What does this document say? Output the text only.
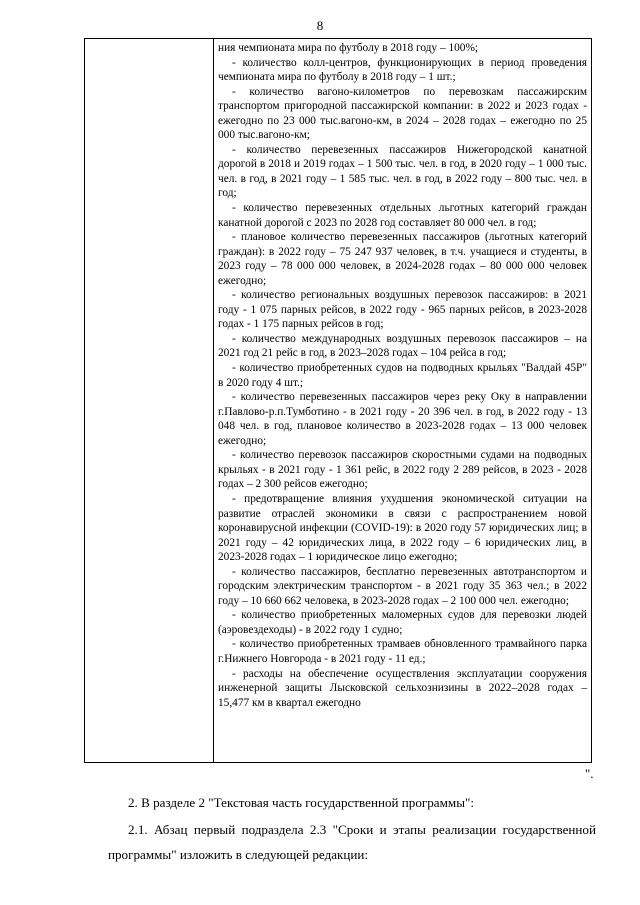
8

ния чемпионата мира по футболу в 2018 году – 100%;

- количество колл-центров, функционирующих в период проведения чемпионата мира по футболу в 2018 году – 1 шт.;

- количество вагоно-километров по перевозкам пассажирским транспортом пригородной пассажирской компании: в 2022 и 2023 годах - ежегодно по 23 000 тыс.вагоно-км, в 2024 – 2028 годах – ежегодно по 25 000 тыс.вагоно-км;

- количество перевезенных пассажиров Нижегородской канатной дорогой в 2018 и 2019 годах – 1 500 тыс. чел. в год, в 2020 году – 1 000 тыс. чел. в год, в 2021 году – 1 585 тыс. чел. в год, в 2022 году – 800 тыс. чел. в год;

- количество перевезенных отдельных льготных категорий граждан канатной дорогой с 2023 по 2028 год составляет 80 000 чел. в год;

- плановое количество перевезенных пассажиров (льготных категорий граждан): в 2022 году – 75 247 937 человек, в т.ч. учащиеся и студенты, в 2023 году – 78 000 000 человек, в 2024-2028 годах – 80 000 000 человек ежегодно;

- количество региональных воздушных перевозок пассажиров: в 2021 году - 1 075 парных рейсов, в 2022 году - 965 парных рейсов, в 2023-2028 годах - 1 175 парных рейсов в год;

- количество международных воздушных перевозок пассажиров – на 2021 год 21 рейс в год, в 2023–2028 годах – 104 рейса в год;

- количество приобретенных судов на подводных крыльях "Валдай 45Р" в 2020 году 4 шт.;

- количество перевезенных пассажиров через реку Оку в направлении г.Павлово-р.п.Тумботино - в 2021 году - 20 396 чел. в год, в 2022 году - 13 048 чел. в год, плановое количество в 2023-2028 годах – 13 000 человек ежегодно;

- количество перевозок пассажиров скоростными судами на подводных крыльях - в 2021 году - 1 361 рейс, в 2022 году 2 289 рейсов, в 2023 - 2028 годах – 2 300 рейсов ежегодно;

- предотвращение влияния ухудшения экономической ситуации на развитие отраслей экономики в связи с распространением новой коронавирусной инфекции (COVID-19): в 2020 году 57 юридических лиц; в 2021 году – 42 юридических лица, в 2022 году – 6 юридических лиц, в 2023-2028 годах – 1 юридическое лицо ежегодно;

- количество пассажиров, бесплатно перевезенных автотранспортом и городским электрическим транспортом - в 2021 году 35 363 чел.; в 2022 году – 10 660 662 человека, в 2023-2028 годах – 2 100 000 чел. ежегодно;

- количество приобретенных маломерных судов для перевозки людей (аэровездеходы) - в 2022 году 1 судно;

- количество приобретенных трамваев обновленного трамвайного парка г.Нижнего Новгорода - в 2021 году - 11 ед.;

- расходы на обеспечение осуществления эксплуатации сооружения инженерной защиты Лысковской сельхознизины в 2022–2028 годах – 15,477 км в квартал ежегодно

".
2. В разделе 2 "Текстовая часть государственной программы":
2.1. Абзац первый подраздела 2.3 "Сроки и этапы реализации государственной программы" изложить в следующей редакции:
